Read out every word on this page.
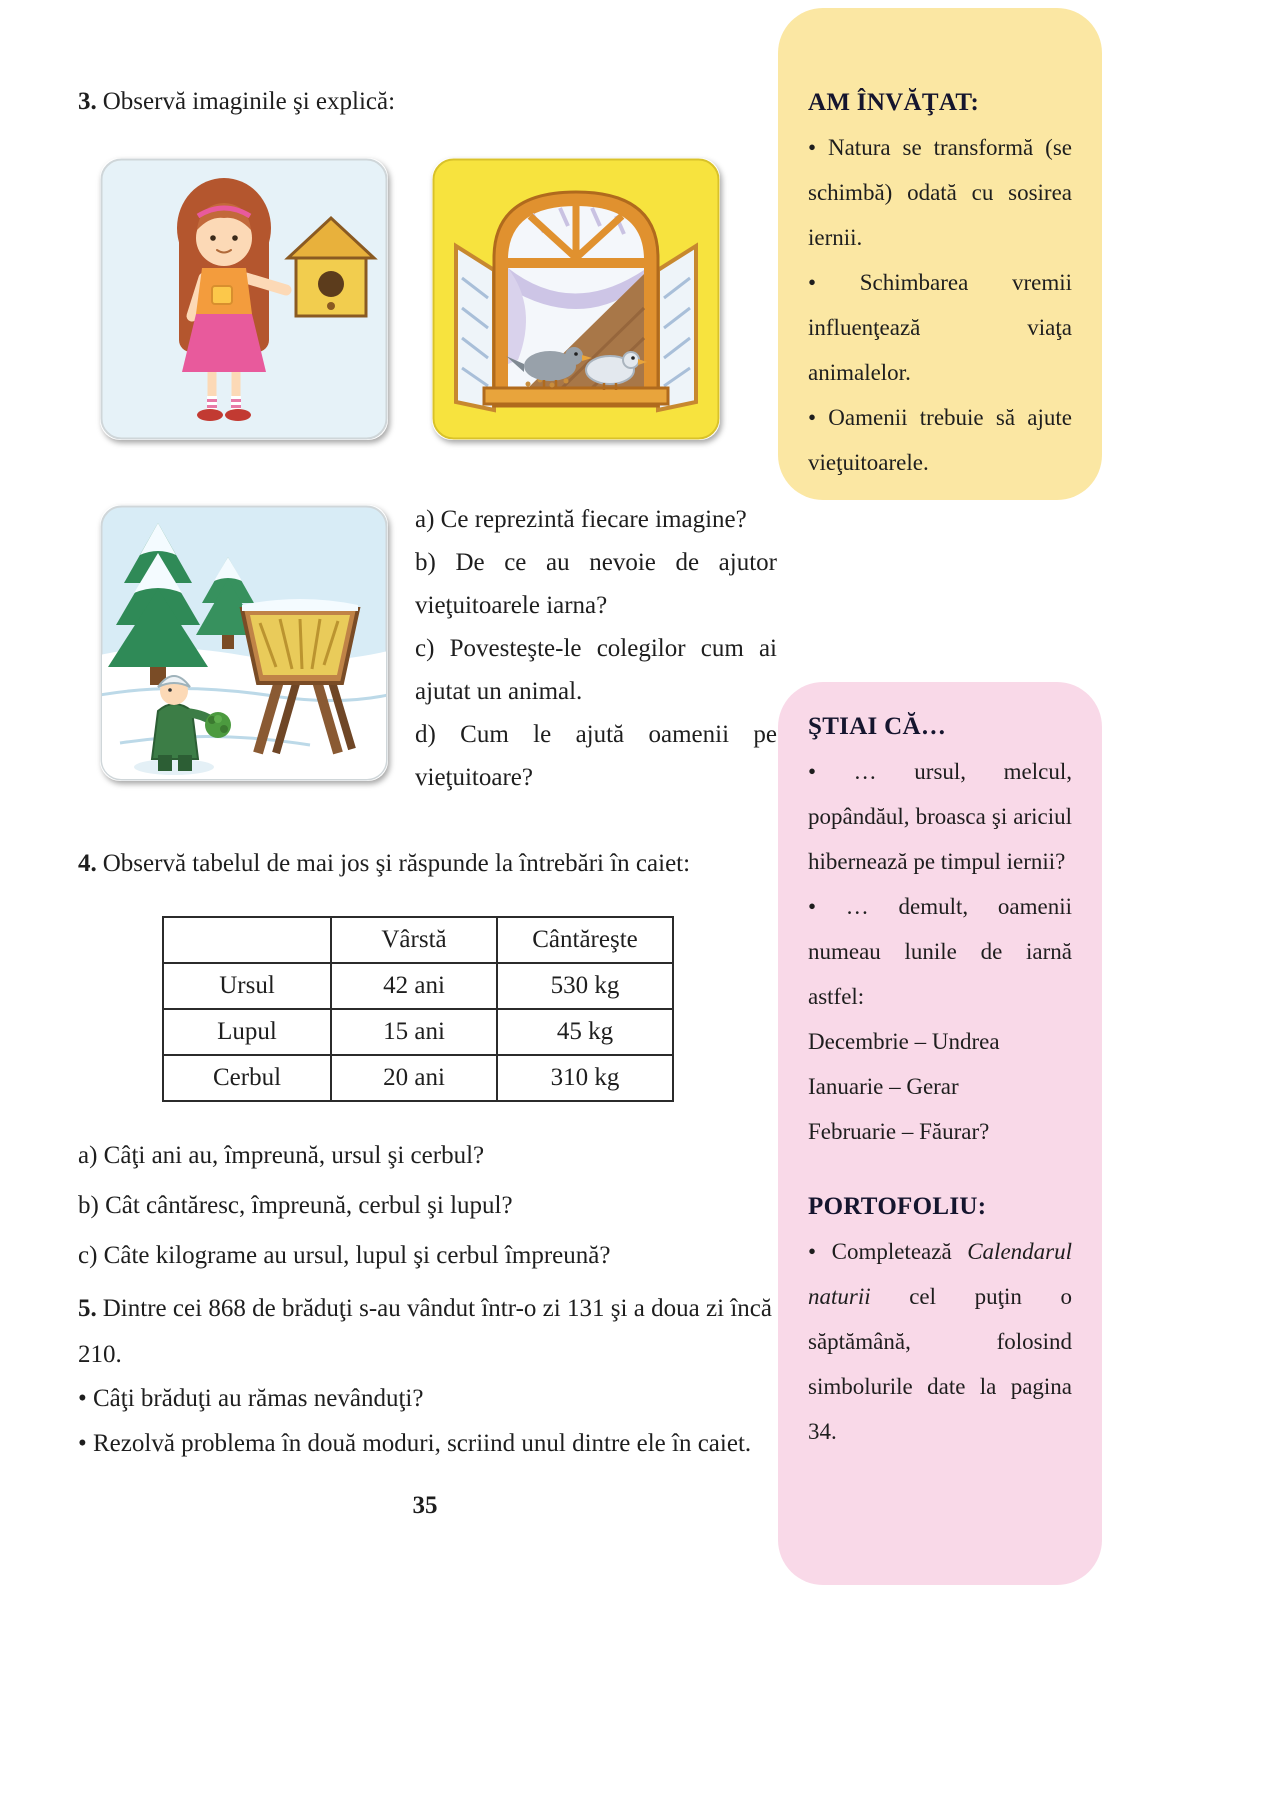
3. Observă imaginile şi explică:

a) Ce reprezintă fiecare imagine?
b) De ce au nevoie de ajutor vieţuitoarele iarna?
c) Povesteşte-le colegilor cum ai ajutat un animal.
d) Cum le ajută oamenii pe vieţuitoare?

4. Observă tabelul de mai jos şi răspunde la întrebări în caiet:

	Vârstă	Cântăreşte
Ursul	42 ani	530 kg
Lupul	15 ani	45 kg
Cerbul	20 ani	310 kg
a) Câţi ani au, împreună, ursul şi cerbul?
b) Cât cântăresc, împreună, cerbul şi lupul?
c) Câte kilograme au ursul, lupul şi cerbul împreună?

5. Dintre cei 868 de brăduţi s-au vândut într-o zi 131 şi a doua zi încă 210.

• Câţi brăduţi au rămas nevânduţi?
• Rezolvă problema în două moduri, scriind unul dintre ele în caiet.
35
AM ÎNVĂŢAT:

• Natura se transformă (se schimbă) odată cu sosirea iernii.

• Schimbarea vremii influenţează viaţa animalelor.

• Oamenii trebuie să ajute vieţuitoarele.

ŞTIAI CĂ…

• … ursul, melcul, popândăul, broasca şi ariciul hibernează pe timpul iernii?

• … demult, oamenii numeau lunile de iarnă astfel:

Decembrie – Undrea
Ianuarie – Gerar
Februarie – Făurar?
PORTOFOLIU:

• Completează Calendarul naturii cel puţin o săptămână, folosind simbolurile date la pagina 34.
